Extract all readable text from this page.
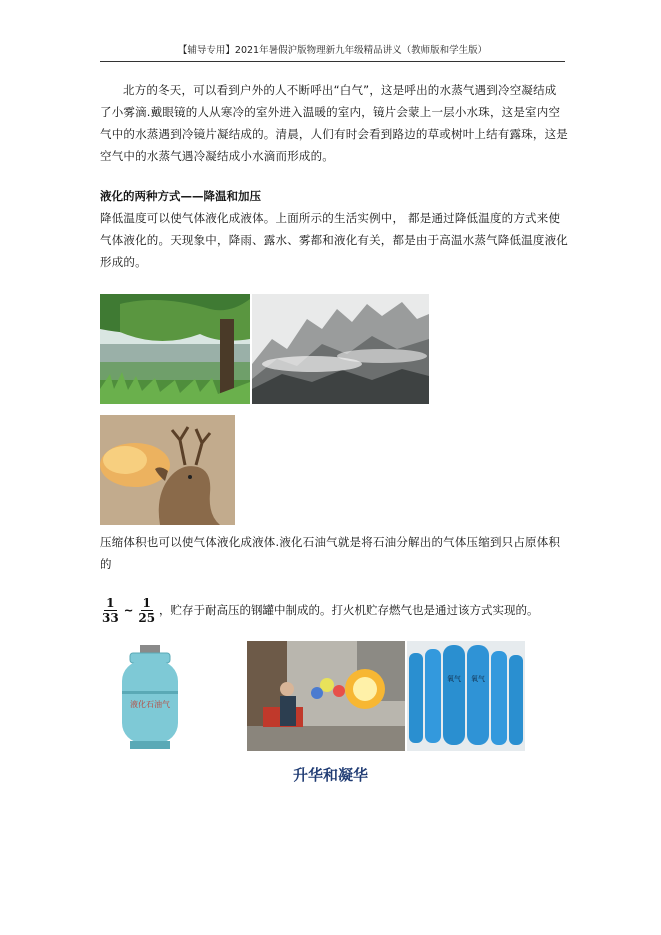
【辅导专用】2021年暑假沪版物理新九年级精品讲义（教师版和学生版）
北方的冬天，可以看到户外的人不断呼出“白气”，这是呼出的水蒸气遇到冷空凝结成了小雾滴.戴眼镜的人从寒冷的室外进入温暖的室内，镜片会蒙上一层小水珠，这是室内空气中的水蒸遇到冷镜片凝结成的。清晨，人们有时会看到路边的草或树叶上结有露珠，这是空气中的水蒸气遇冷凝结成小水滴而形成的。
液化的两种方式——降温和加压
降低温度可以使气体液化成液体。上面所示的生活实例中， 都是通过降低温度的方式来使气体液化的。天现象中，降雨、露水、雾都和液化有关，都是由于高温水蒸气降低温度液化形成的。
压缩体积也可以使气体液化成液体.液化石油气就是将石油分解出的气体压缩到只占原体积的
$\frac{1}{33}$ ~ $\frac{1}{25}$ ，贮存于耐高压的钢罐中制成的。打火机贮存燃气也是通过该方式实现的。
液化石油气
氧气 氧气
升华和凝华
